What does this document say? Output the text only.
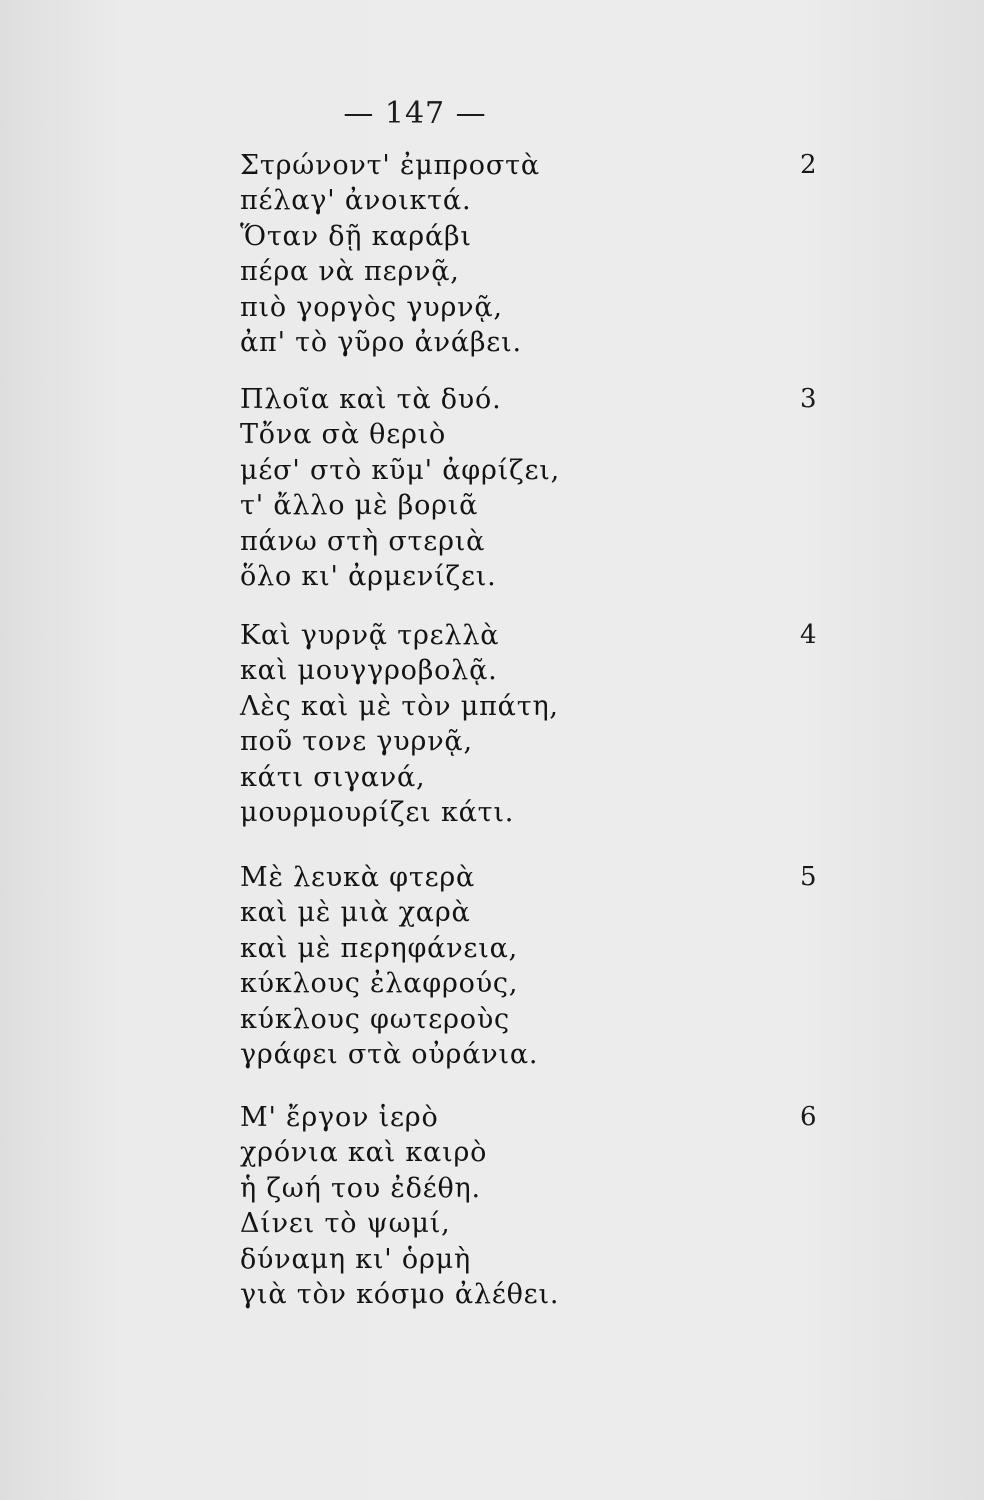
— 147 —
2
Στρώνοντ' ἐμπροστὰ
πέλαγ' ἀνοικτά.
Ὅταν δῇ καράβι
πέρα νὰ περνᾷ,
πιὸ γοργὸς γυρνᾷ,
ἀπ' τὸ γῦρο ἀνάβει.
3
Πλοῖα καὶ τὰ δυό.
Τὄνα σὰ θεριὸ
μέσ' στὸ κῦμ' ἀφρίζει,
τ' ἄλλο μὲ βοριᾶ
πάνω στὴ στεριὰ
ὅλο κι' ἀρμενίζει.
4
Καὶ γυρνᾷ τρελλὰ
καὶ μουγγροβολᾷ.
Λὲς καὶ μὲ τὸν μπάτη,
ποῦ τονε γυρνᾷ,
κάτι σιγανά,
μουρμουρίζει κάτι.
5
Μὲ λευκὰ φτερὰ
καὶ μὲ μιὰ χαρὰ
καὶ μὲ περηφάνεια,
κύκλους ἐλαφρούς,
κύκλους φωτεροὺς
γράφει στὰ οὐράνια.
6
Μ' ἔργον ἱερὸ
χρόνια καὶ καιρὸ
ἡ ζωή του ἐδέθη.
Δίνει τὸ ψωμί,
δύναμη κι' ὁρμὴ
γιὰ τὸν κόσμο ἀλέθει.
